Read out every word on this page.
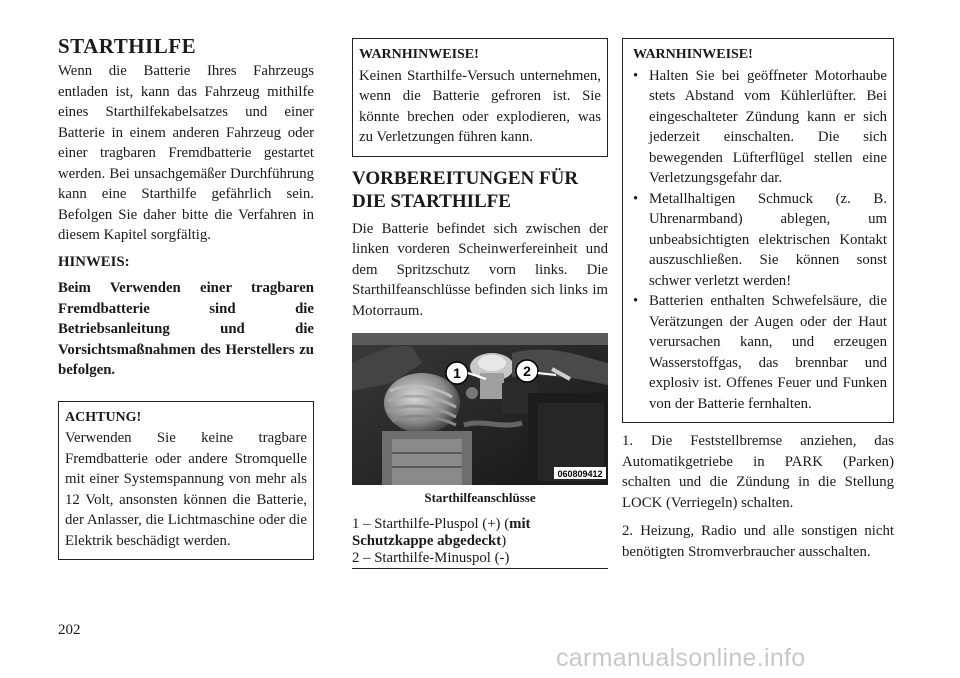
STARTHILFE

Wenn die Batterie Ihres Fahrzeugs entladen ist, kann das Fahrzeug mithilfe eines Starthilfekabelsatzes und einer Batterie in einem anderen Fahrzeug oder einer tragbaren Fremdbatterie gestartet werden. Bei unsachgemäßer Durchführung kann eine Starthilfe gefährlich sein. Befolgen Sie daher bitte die Verfahren in diesem Kapitel sorgfältig.

HINWEIS:

Beim Verwenden einer tragbaren Fremdbatterie sind die Betriebsanleitung und die Vorsichtsmaßnahmen des Herstellers zu befolgen.

ACHTUNG!

Verwenden Sie keine tragbare Fremdbatterie oder andere Stromquelle mit einer Systemspannung von mehr als 12 Volt, ansonsten können die Batterie, der Anlasser, die Lichtmaschine oder die Elektrik beschädigt werden.

WARNHINWEISE!

Keinen Starthilfe-Versuch unternehmen, wenn die Batterie gefroren ist. Sie könnte brechen oder explodieren, was zu Verletzungen führen kann.

VORBEREITUNGEN FÜR DIE STARTHILFE

Die Batterie befindet sich zwischen der linken vorderen Scheinwerfereinheit und dem Spritzschutz vorn links. Die Starthilfeanschlüsse befinden sich links im Motorraum.

1	2
060809412
Starthilfeanschlüsse
1 – Starthilfe-Pluspol (+) (mit Schutzkappe abgedeckt)
2 – Starthilfe-Minuspol (-)
WARNHINWEISE!
• Halten Sie bei geöffneter Motorhaube stets Abstand vom Kühlerlüfter. Bei eingeschalteter Zündung kann er sich jederzeit einschalten. Die sich bewegenden Lüfterflügel stellen eine Verletzungsgefahr dar.
• Metallhaltigen Schmuck (z. B. Uhrenarmband) ablegen, um unbeabsichtigten elektrischen Kontakt auszuschließen. Sie können sonst schwer verletzt werden!
• Batterien enthalten Schwefelsäure, die Verätzungen der Augen oder der Haut verursachen kann, und erzeugen Wasserstoffgas, das brennbar und explosiv ist. Offenes Feuer und Funken von der Batterie fernhalten.
1. Die Feststellbremse anziehen, das Automatikgetriebe in PARK (Parken) schalten und die Zündung in die Stellung LOCK (Verriegeln) schalten.
2. Heizung, Radio und alle sonstigen nicht benötigten Stromverbraucher ausschalten.
202
carmanualsonline.info
